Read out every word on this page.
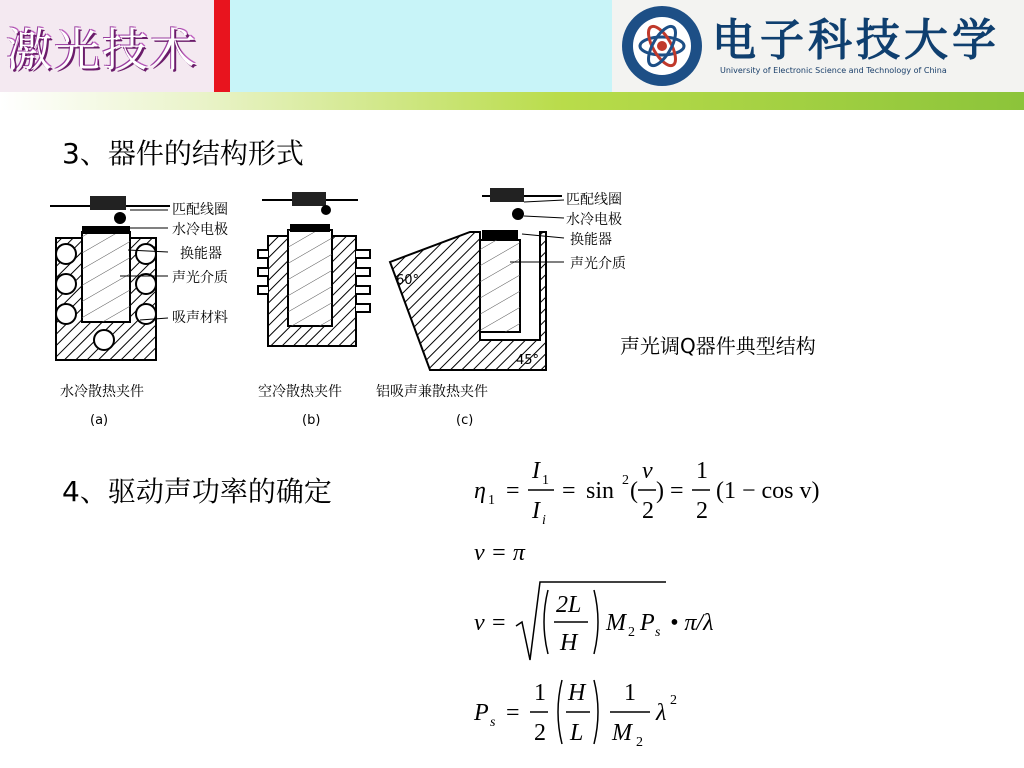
激光技术	电子科技大学
University of Electronic Science and Technology of China
3、器件的结构形式
匹配线圈
水冷电极
换能器
声光介质
吸声材料
水冷散热夹件
(a)
空冷散热夹件
(b)
匹配线圈
水冷电极
换能器
声光介质
60°
45°
铝吸声兼散热夹件
(c)
声光调Q器件典型结构
4、驱动声功率的确定	η 1 =
I 1
I i
= sin 2 (
v
2
) =
1
2
(1 − cos v)
v = π
v =
2L
H
M 2 P s • π/λ
P s =
1
2
H
L
1
M 2
λ 2
